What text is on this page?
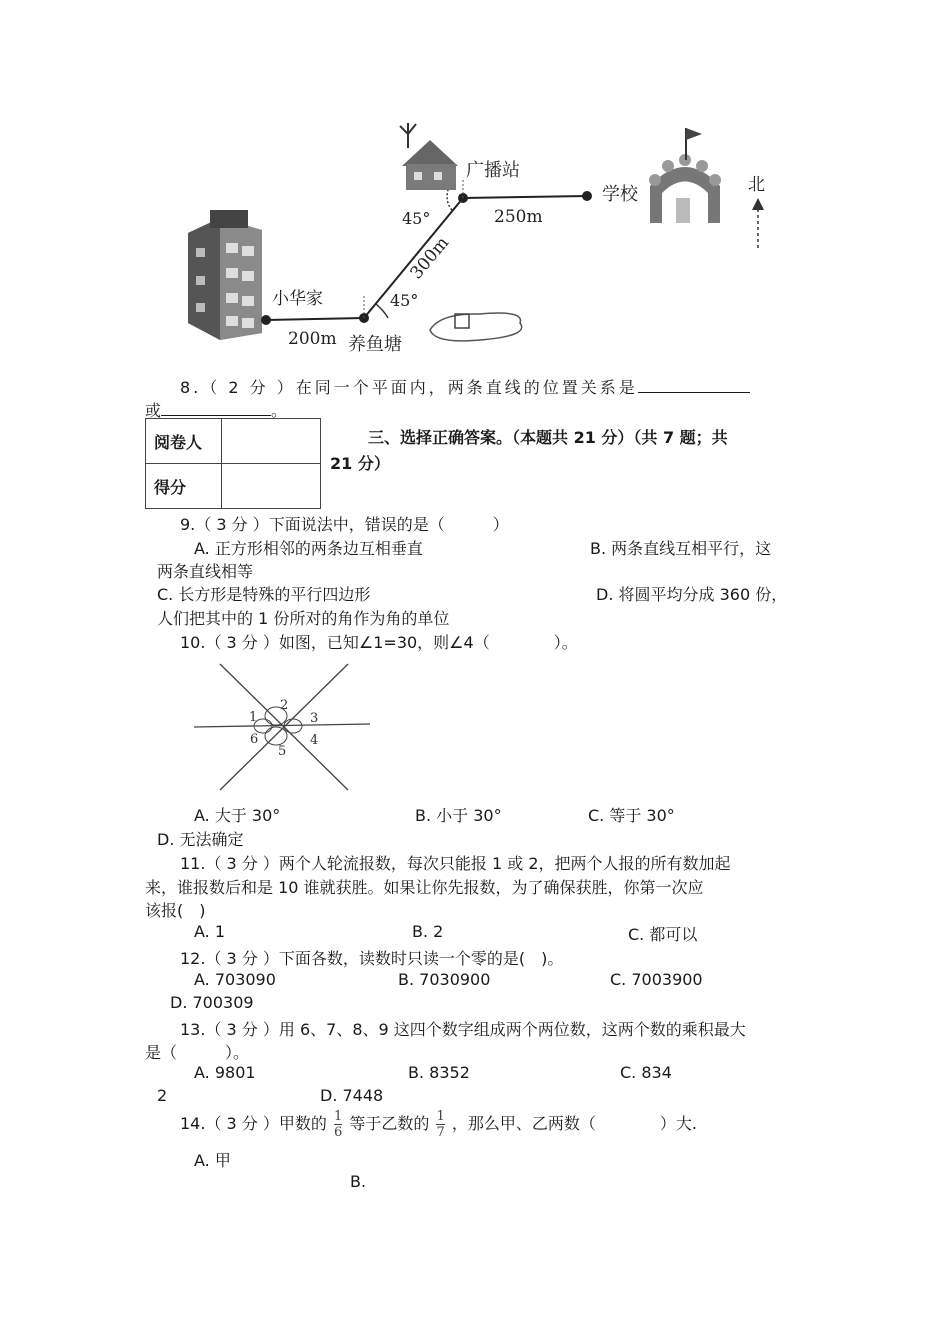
广播站
学校	北
小华家
养鱼塘
200m
250m
300m
45°
45°
8.（ 2 分 ）在同一个平面内，两条直线的位置关系是
或	。
阅卷人	
得分	
三、选择正确答案。（本题共 21 分）（共 7 题；共
21 分）
9.（ 3 分 ）下面说法中，错误的是（　　　）
A. 正方形相邻的两条边互相垂直	B. 两条直线互相平行，这
两条直线相等
C. 长方形是特殊的平行四边形	D. 将圆平均分成 360 份，
人们把其中的 1 份所对的角作为角的单位
10.（ 3 分 ）如图，已知∠1=30，则∠4（　　　　）。
1
2
3
4
5
6
A. 大于 30°	B. 小于 30°	C. 等于 30°
D. 无法确定
11.（ 3 分 ）两个人轮流报数，每次只能报 1 或 2，把两个人报的所有数加起
来，谁报数后和是 10 谁就获胜。如果让你先报数，为了确保获胜，你第一次应
该报(　)
A. 1	B. 2	C. 都可以
12.（ 3 分 ）下面各数，读数时只读一个零的是(　)。
A. 703090	B. 7030900	C. 7003900
D. 700309
13.（ 3 分 ）用 6、7、8、9 这四个数字组成两个两位数，这两个数的乘积最大
是（　　　）。
A. 9801	B. 8352	C. 834
2	D. 7448
14.（ 3 分 ）甲数的 $\frac{1}{6}$ 等于乙数的 $\frac{1}{7}$ ，那么甲、乙两数（　　　　）大.
A. 甲
B.
